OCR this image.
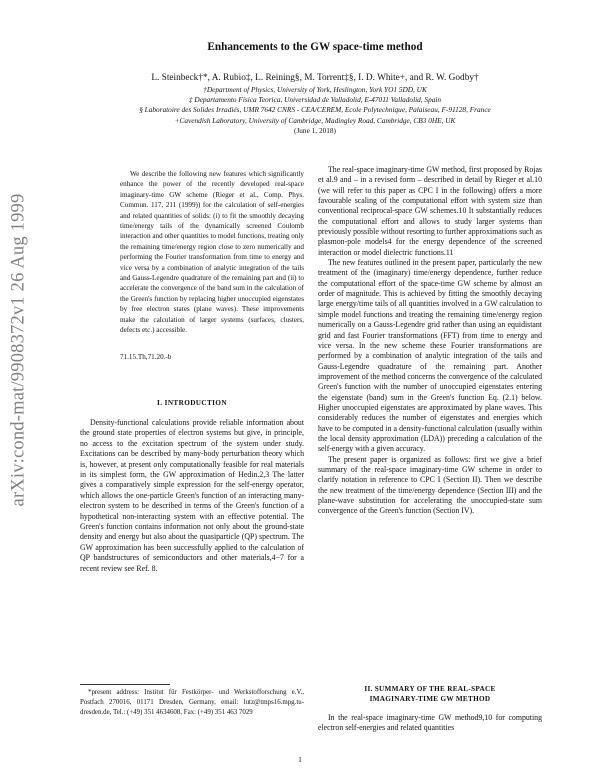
arXiv:cond-mat/9908372v1 26 Aug 1999
Enhancements to the GW space-time method

L. Steinbeck†*, A. Rubio‡, L. Reining§, M. Torrent‡§, I. D. White+, and R. W. Godby†

†Department of Physics, University of York, Heslington, York YO1 5DD, UK
‡ Departamento Física Teorica, Universidad de Valladolid, E-47011 Valladolid, Spain
§ Laboratoire des Solides Irradiés, UMR 7642 CNRS - CEA/CEREM, Ecole Polytechnique, Palaiseau, F-91128, France
+Cavendish Laboratory, University of Cambridge, Madingley Road, Cambridge, CB3 0HE, UK
(June 1, 2018)

We describe the following new features which significantly enhance the power of the recently developed real-space imaginary-time GW scheme (Rieger et al., Comp. Phys. Commun. 117, 211 (1999)) for the calculation of self-energies and related quantities of solids: (i) to fit the smoothly decaying time/energy tails of the dynamically screened Coulomb interaction and other quantities to model functions, treating only the remaining time/energy region close to zero numerically and performing the Fourier transformation from time to energy and vice versa by a combination of analytic integration of the tails and Gauss-Legendre quadrature of the remaining part and (ii) to accelerate the convergence of the band sum in the calculation of the Green's function by replacing higher unoccupied eigenstates by free electron states (plane waves). These improvements make the calculation of larger systems (surfaces, clusters, defects etc.) accessible.

71.15.Th,71.20.-b

I. INTRODUCTION

Density-functional calculations provide reliable information about the ground state properties of electron systems but give, in principle, no access to the excitation spectrum of the system under study. Excitations can be described by many-body perturbation theory which is, however, at present only computationally feasible for real materials in its simplest form, the GW approximation of Hedin.2,3 The latter gives a comparatively simple expression for the self-energy operator, which allows the one-particle Green's function of an interacting many-electron system to be described in terms of the Green's function of a hypothetical non-interacting system with an effective potential. The Green's function contains information not only about the ground-state density and energy but also about the quasiparticle (QP) spectrum. The GW approximation has been successfully applied to the calculation of QP bandstructures of semiconductors and other materials,4−7 for a recent review see Ref. 8.

*present address: Institut für Festkörper- und Werkstofforschung e.V., Postfach 270016, 01171 Dresden, Germany, email: lutz@tmps16.mpg.tu-dresden.de, Tel.: (+49) 351 4634608, Fax: (+49) 351 463 7029

The real-space imaginary-time GW method, first proposed by Rojas et al.9 and – in a revised form – described in detail by Rieger et al.10 (we will refer to this paper as CPC I in the following) offers a more favourable scaling of the computational effort with system size than conventional reciprocal-space GW schemes.10 It substantially reduces the computational effort and allows to study larger systems than previously possible without resorting to further approximations such as plasmon-pole models4 for the energy dependence of the screened interaction or model dielectric functions.11

The new features outlined in the present paper, particularly the new treatment of the (imaginary) time/energy dependence, further reduce the computational effort of the space-time GW scheme by almost an order of magnitude. This is achieved by fitting the smoothly decaying large energy/time tails of all quantities involved in a GW calculation to simple model functions and treating the remaining time/energy region numerically on a Gauss-Legendre grid rather than using an equidistant grid and fast Fourier transformations (FFT) from time to energy and vice versa. In the new scheme these Fourier transformations are performed by a combination of analytic integration of the tails and Gauss-Legendre quadrature of the remaining part. Another improvement of the method concerns the convergence of the calculated Green's function with the number of unoccupied eigenstates entering the eigenstate (band) sum in the Green's function Eq. (2.1) below. Higher unoccupied eigenstates are approximated by plane waves. This considerably reduces the number of eigenstates and energies which have to be computed in a density-functional calculation (usually within the local density approximation (LDA)) preceding a calculation of the self-energy with a given accuracy.

The present paper is organized as follows: first we give a brief summary of the real-space imaginary-time GW scheme in order to clarify notation in reference to CPC I (Section II). Then we describe the new treatment of the time/energy dependence (Section III) and the plane-wave substitution for accelerating the unoccupied-state sum convergence of the Green's function (Section IV).

II. SUMMARY OF THE REAL-SPACE
IMAGINARY-TIME GW METHOD

In the real-space imaginary-time GW method9,10 for computing electron self-energies and related quantities

1
